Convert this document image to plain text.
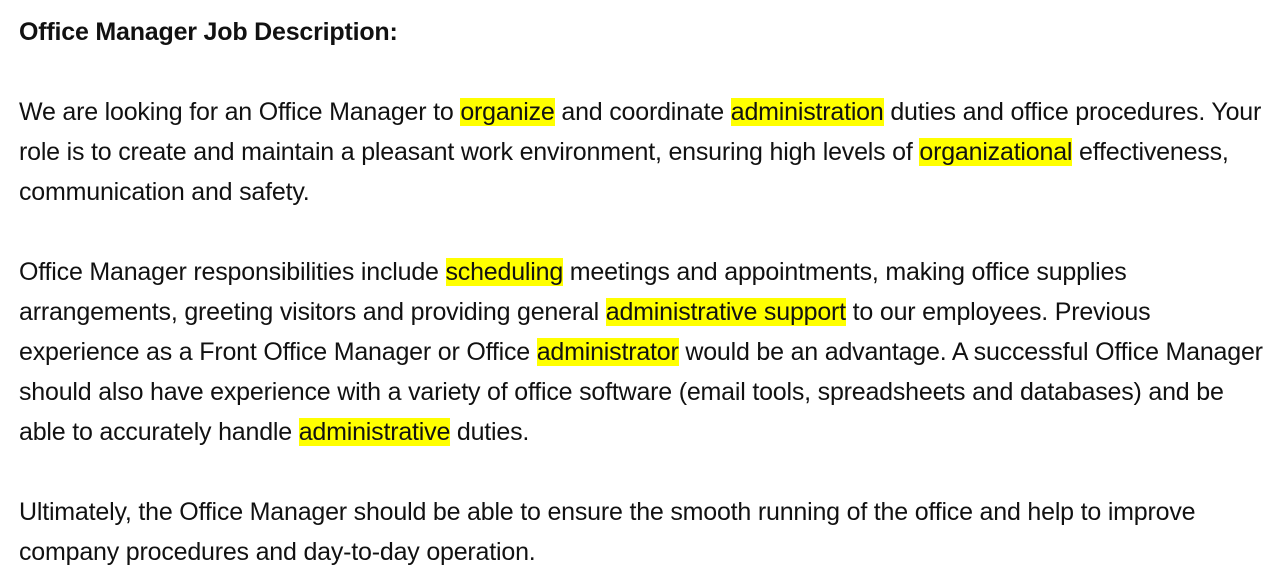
Office Manager Job Description:

We are looking for an Office Manager to organize and coordinate administration duties and office procedures. Your role is to create and maintain a pleasant work environment, ensuring high levels of organizational effectiveness, communication and safety.

Office Manager responsibilities include scheduling meetings and appointments, making office supplies arrangements, greeting visitors and providing general administrative support to our employees. Previous experience as a Front Office Manager or Office administrator would be an advantage. A successful Office Manager should also have experience with a variety of office software (email tools, spreadsheets and databases) and be able to accurately handle administrative duties.

Ultimately, the Office Manager should be able to ensure the smooth running of the office and help to improve company procedures and day-to-day operation.
